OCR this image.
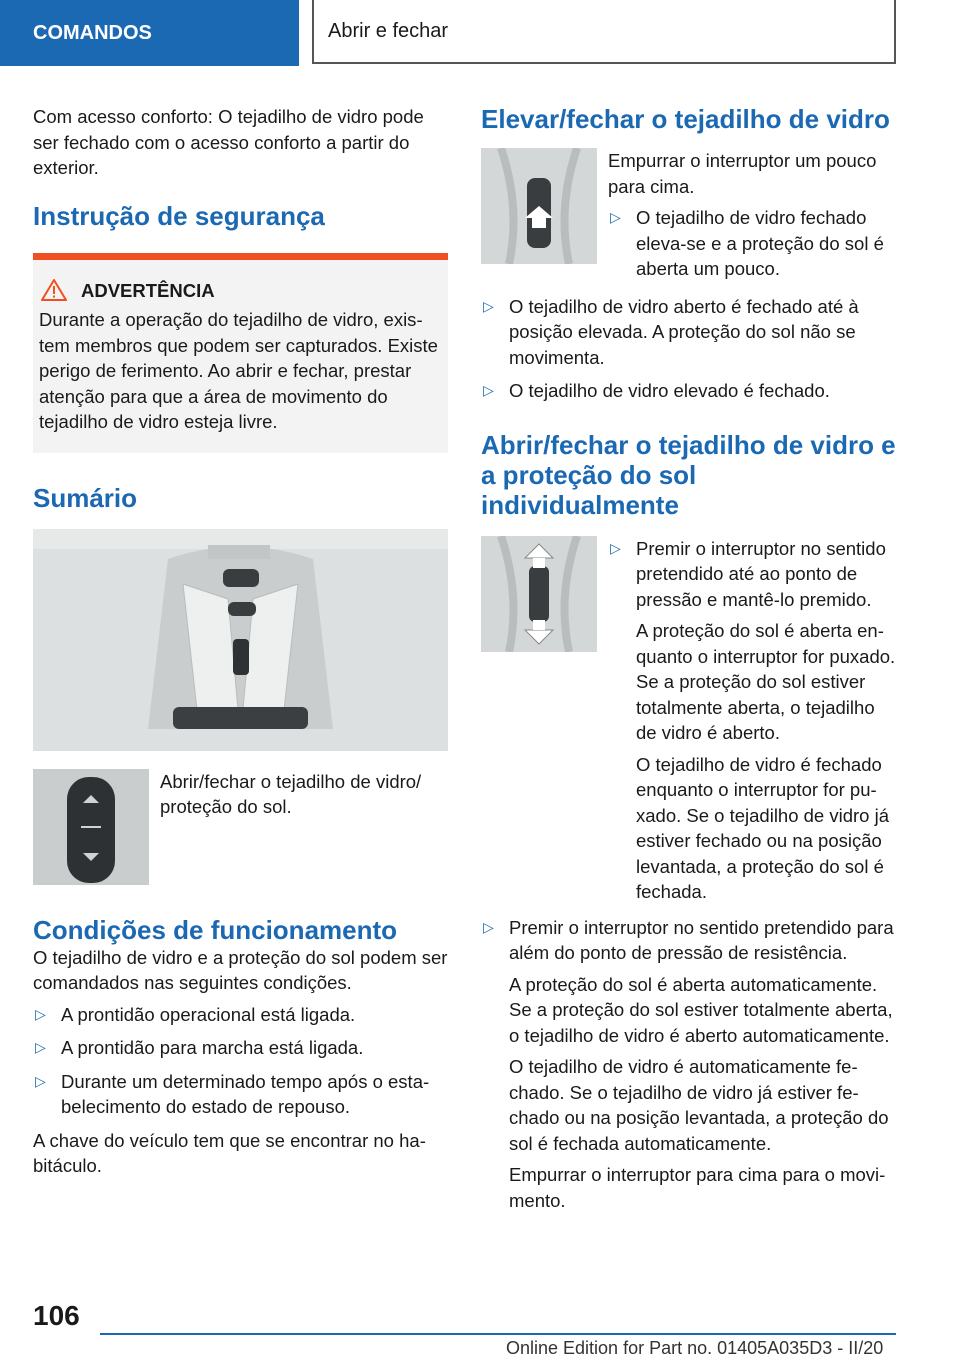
COMANDOS	Abrir e fechar

Com acesso conforto: O tejadilho de vidro pode ser fechado com o acesso conforto a partir do exterior.

Instrução de segurança
ADVERTÊNCIA
Durante a operação do tejadilho de vidro, existem membros que podem ser capturados. Existe perigo de ferimento. Ao abrir e fechar, prestar atenção para que a área de movimento do tejadilho de vidro esteja livre.
Sumário

Abrir/fechar o tejadilho de vidro/ proteção do sol.

Condições de funcionamento

O tejadilho de vidro e a proteção do sol podem ser comandados nas seguintes condições.

▷ A prontidão operacional está ligada.
▷ A prontidão para marcha está ligada.
▷ Durante um determinado tempo após o estabelecimento do estado de repouso.

A chave do veículo tem que se encontrar no habitáculo.

Elevar/fechar o tejadilho de vidro

Empurrar o interruptor um pouco para cima.

▷ O tejadilho de vidro fechado eleva-se e a proteção do sol é aberta um pouco.
▷ O tejadilho de vidro aberto é fechado até à posição elevada. A proteção do sol não se movimenta.
▷ O tejadilho de vidro elevado é fechado.
Abrir/fechar o tejadilho de vidro e a proteção do sol individualmente
▷ Premir o interruptor no sentido pretendido até ao ponto de pressão e mantê-lo premido.

A proteção do sol é aberta enquanto o interruptor for puxado. Se a proteção do sol estiver totalmente aberta, o tejadilho de vidro é aberto.

O tejadilho de vidro é fechado enquanto o interruptor for puxado. Se o tejadilho de vidro já estiver fechado ou na posição levantada, a proteção do sol é fechada.

▷ Premir o interruptor no sentido pretendido para além do ponto de pressão de resistência.

A proteção do sol é aberta automaticamente. Se a proteção do sol estiver totalmente aberta, o tejadilho de vidro é aberto automaticamente.

O tejadilho de vidro é automaticamente fechado. Se o tejadilho de vidro já estiver fechado ou na posição levantada, a proteção do sol é fechada automaticamente.

Empurrar o interruptor para cima para o movimento.

106
Online Edition for Part no. 01405A035D3 - II/20
